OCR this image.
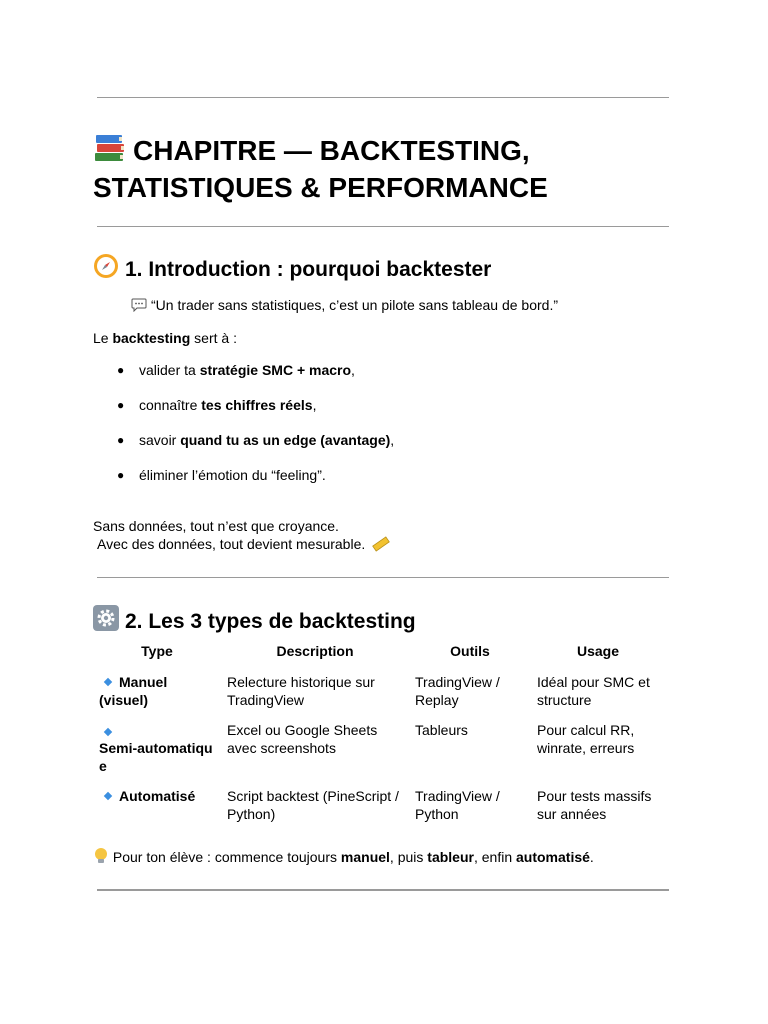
CHAPITRE — BACKTESTING, STATISTIQUES & PERFORMANCE
1. Introduction : pourquoi backtester
“Un trader sans statistiques, c’est un pilote sans tableau de bord.”
Le backtesting sert à :
● valider ta stratégie SMC + macro,
● connaître tes chiffres réels,
● savoir quand tu as un edge (avantage),
● éliminer l’émotion du “feeling”.
Sans données, tout n’est que croyance.
Avec des données, tout devient mesurable.
2. Les 3 types de backtesting
Type	Description	Outils	Usage
Manuel (visuel)	Relecture historique sur TradingView	TradingView / Replay	Idéal pour SMC et structure

Semi-automatique	Excel ou Google Sheets avec screenshots	Tableurs	Pour calcul RR, winrate, erreurs
Automatisé	Script backtest (PineScript / Python)	TradingView / Python	Pour tests massifs sur années
Pour ton élève : commence toujours manuel, puis tableur, enfin automatisé.
